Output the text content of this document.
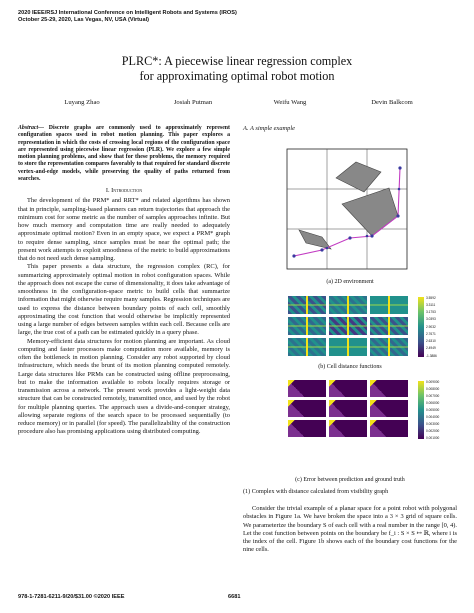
2020 IEEE/RSJ International Conference on Intelligent Robots and Systems (IROS)
October 25-29, 2020, Las Vegas, NV, USA (Virtual)
PLRC*: A piecewise linear regression complex
for approximating optimal robot motion
Luyang Zhao	Josiah Putman	Weifu Wang	Devin Balkcom
Abstract— Discrete graphs are commonly used to approximately represent configuration spaces used in robot motion planning. This paper explores a representation in which the costs of crossing local regions of the configuration space are represented using piecewise linear regression (PLR). We explore a few simple motion planning problems, and show that for these problems, the memory required to store the representation compares favorably to that required for standard discrete vertex-and-edge models, while preserving the quality of paths returned from searches.
I. Introduction

The development of the PRM* and RRT* and related algorithms has shown that in principle, sampling-based planners can return trajectories that approach the minimum cost for some metric as the number of samples approaches infinite. But how much memory and computation time are really needed to adequately approximate optimal motion? Even in an empty space, we expect a PRM* graph to require dense sampling, since samples must be near the optimal path; the present work attempts to exploit smoothness of the metric to build approximations that do not need such dense sampling.

This paper presents a data structure, the regression complex (RC), for summarizing approximately optimal motion in robot configuration spaces. While the approach does not escape the curse of dimensionality, it does take advantage of smoothness in the configuration-space metric to build cells that summarize information that might otherwise require many samples. Regression techniques are used to express the distance between boundary points of each cell, smoothly approximating the cost function that would otherwise be implicitly represented using a large number of edges between samples within each cell. Because cells are large, the true cost of a path can be estimated quickly in a query phase.

Memory-efficient data structures for motion planning are important. As cloud computing and faster processors make computation more available, memory is often the bottleneck in motion planning. Consider any robot supported by cloud infrastructure, which needs the brunt of its motion planning computed remotely. Large data structures like PRMs can be constructed using offline preprocessing, but to make the information available to robots locally requires storage or transmission across a network. The present work provides a light-weight data structure that can be constructed remotely, transmitted once, and used by the robot for multiple planning queries. The approach uses a divide-and-conquer strategy, allowing separate regions of the search space to be processed sequentially (to reduce memory) or in parallel (for speed). The parallelizability of the construction procedure also has promising applications using distributed computing.

A. A simple example
(a) 2D environment
3.5592
3.3111
3.1753
3.0393
2.9032
2.7671
2.6310
2.4949
-1.3886
(b) Cell distance functions
0.009000
0.008000
0.007000
0.006000
0.005000
0.004000
0.003000
0.002000
0.001000
(c) Error between prediction and ground truth
(1) Complex with distance calculated from visibility graph

Consider the trivial example of a planar space for a point robot with polygonal obstacles in Figure 1a. We have broken the space into a 3 × 3 grid of square cells. We parameterize the boundary S of each cell with a real number in the range [0, 4). Let the cost function between points on the boundary be f_i : S × S ↦ ℝ, where i is the index of the cell. Figure 1b shows each of the boundary cost functions for the nine cells.

978-1-7281-6211-9/20/$31.00 ©2020 IEEE	6681
